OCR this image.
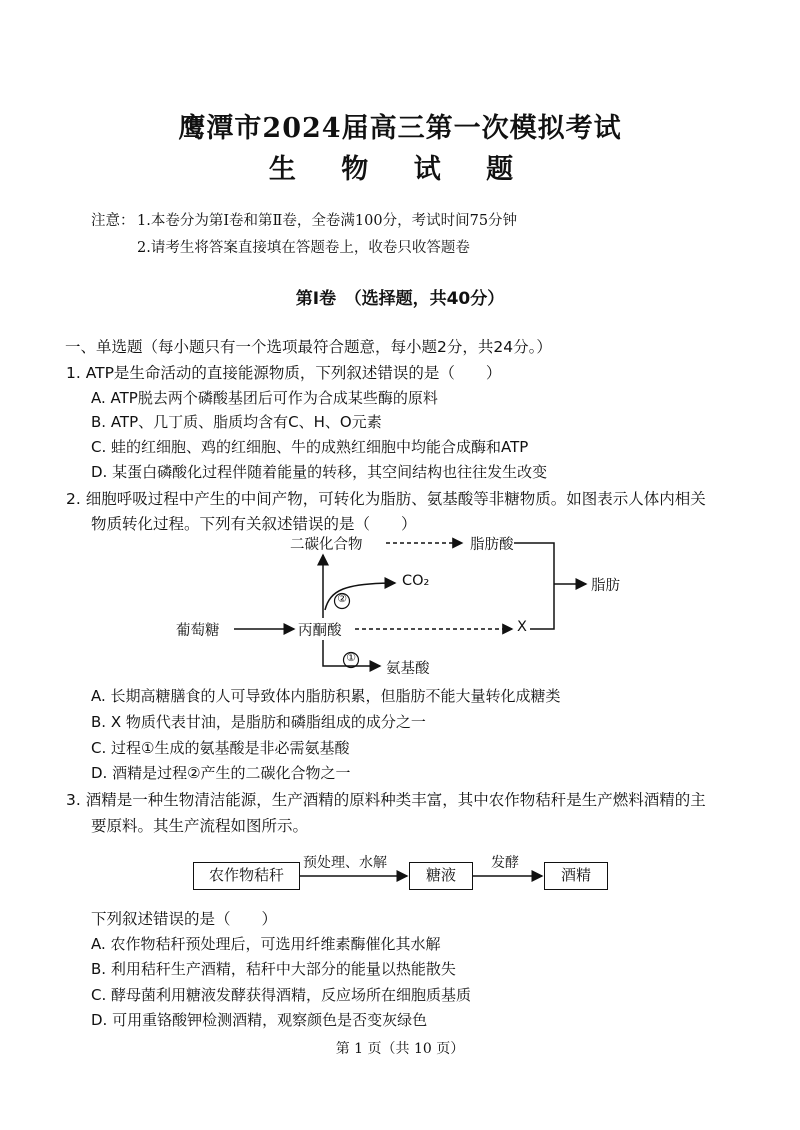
鹰潭市2024届高三第一次模拟考试
生 物 试 题
注意： 1.本卷分为第Ⅰ卷和第Ⅱ卷，全卷满100分，考试时间75分钟
2.请考生将答案直接填在答题卷上，收卷只收答题卷
第Ⅰ卷　（选择题，共40分）
一、单选题（每小题只有一个选项最符合题意，每小题2分，共24分。）
1. ATP是生命活动的直接能源物质，下列叙述错误的是（　　）
A. ATP脱去两个磷酸基团后可作为合成某些酶的原料
B. ATP、几丁质、脂质均含有C、H、O元素
C. 蛙的红细胞、鸡的红细胞、牛的成熟红细胞中均能合成酶和ATP
D. 某蛋白磷酸化过程伴随着能量的转移，其空间结构也往往发生改变
2. 细胞呼吸过程中产生的中间产物，可转化为脂肪、氨基酸等非糖物质。如图表示人体内相关
物质转化过程。下列有关叙述错误的是（　　）
葡萄糖	丙酮酸
二碳化合物	脂肪酸
脂肪
X
CO₂
氨基酸
②
①
A. 长期高糖膳食的人可导致体内脂肪积累，但脂肪不能大量转化成糖类
B. X 物质代表甘油，是脂肪和磷脂组成的成分之一
C. 过程①生成的氨基酸是非必需氨基酸
D. 酒精是过程②产生的二碳化合物之一
3. 酒精是一种生物清洁能源，生产酒精的原料种类丰富，其中农作物秸秆是生产燃料酒精的主
要原料。其生产流程如图所示。
农作物秸秆	糖液	酒精
预处理、水解	发酵
下列叙述错误的是（　　）
A. 农作物秸秆预处理后，可选用纤维素酶催化其水解
B. 利用秸秆生产酒精，秸秆中大部分的能量以热能散失
C. 酵母菌利用糖液发酵获得酒精，反应场所在细胞质基质
D. 可用重铬酸钾检测酒精，观察颜色是否变灰绿色
第 1 页（共 10 页）
